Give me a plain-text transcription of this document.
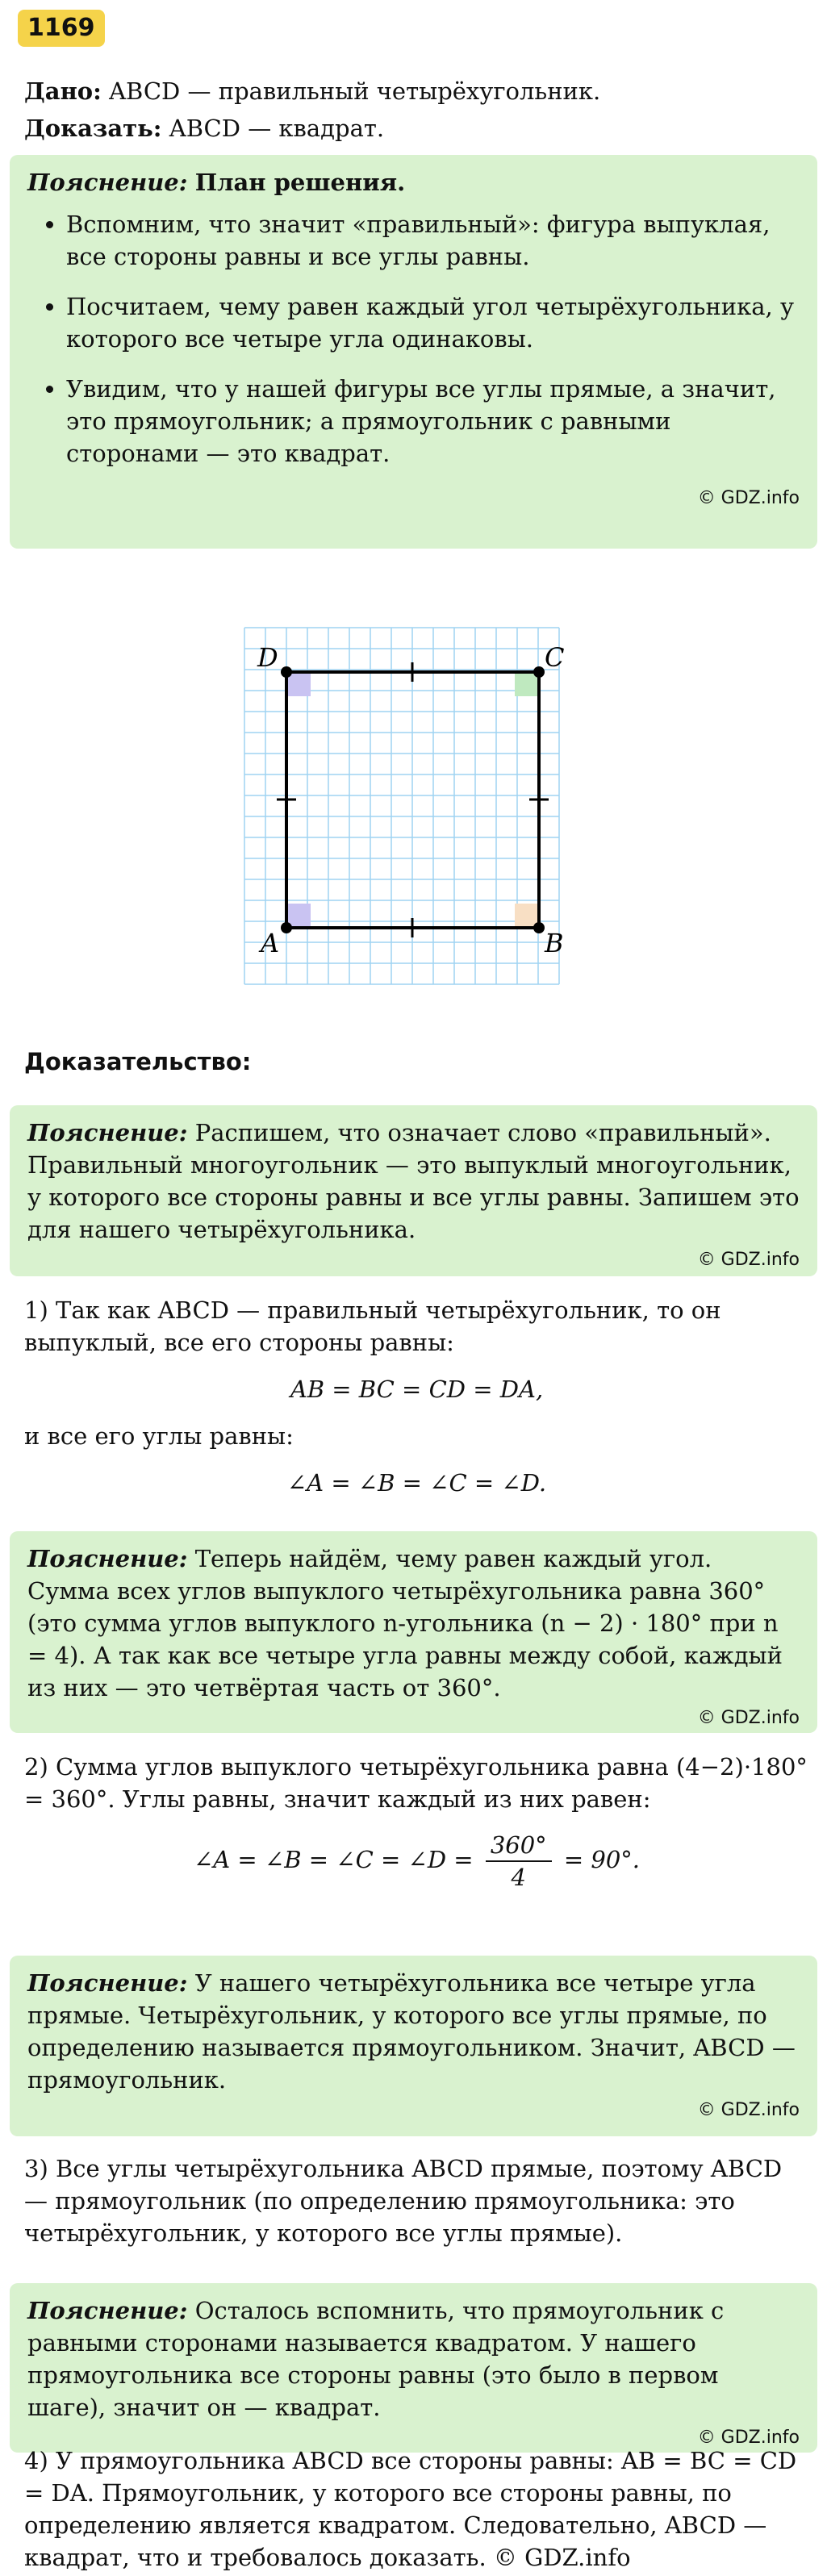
1169

Дано: ABCD — правильный четырёхугольник.

Доказать: ABCD — квадрат.

Пояснение: План решения.
• Вспомним, что значит «правильный»: фигура выпуклая, все стороны равны и все углы равны.
• Посчитаем, чему равен каждый угол четырёхугольника, у которого все четыре угла одинаковы.
• Увидим, что у нашей фигуры все углы прямые, а значит, это прямоугольник; а прямоугольник с равными сторонами — это квадрат.
© GDZ.info
A	B
C
D

Доказательство:

Пояснение: Распишем, что означает слово «правильный». Правильный многоугольник — это выпуклый многоугольник, у которого все стороны равны и все углы равны. Запишем это для нашего четырёхугольника.
© GDZ.info

1) Так как ABCD — правильный четырёхугольник, то он выпуклый, все его стороны равны:

AB = BC = CD = DA,

и все его углы равны:

∠A = ∠B = ∠C = ∠D.

Пояснение: Теперь найдём, чему равен каждый угол. Сумма всех углов выпуклого четырёхугольника равна 360° (это сумма углов выпуклого n-угольника (n − 2) · 180° при n = 4). А так как все четыре угла равны между собой, каждый из них — это четвёртая часть от 360°.
© GDZ.info

2) Сумма углов выпуклого четырёхугольника равна (4−2)·180° = 360°. Углы равны, значит каждый из них равен:

∠A = ∠B = ∠C = ∠D = $\frac{360^\circ}{4} = 90^\circ$.

Пояснение: У нашего четырёхугольника все четыре угла прямые. Четырёхугольник, у которого все углы прямые, по определению называется прямоугольником. Значит, ABCD — прямоугольник.
© GDZ.info

3) Все углы четырёхугольника ABCD прямые, поэтому ABCD — прямоугольник (по определению прямоугольника: это четырёхугольник, у которого все углы прямые).

Пояснение: Осталось вспомнить, что прямоугольник с равными сторонами называется квадратом. У нашего прямоугольника все стороны равны (это было в первом шаге), значит он — квадрат.
© GDZ.info

4) У прямоугольника ABCD все стороны равны: AB = BC = CD = DA. Прямоугольник, у которого все стороны равны, по определению является квадратом. Следовательно, ABCD — квадрат, что и требовалось доказать. © GDZ.info
